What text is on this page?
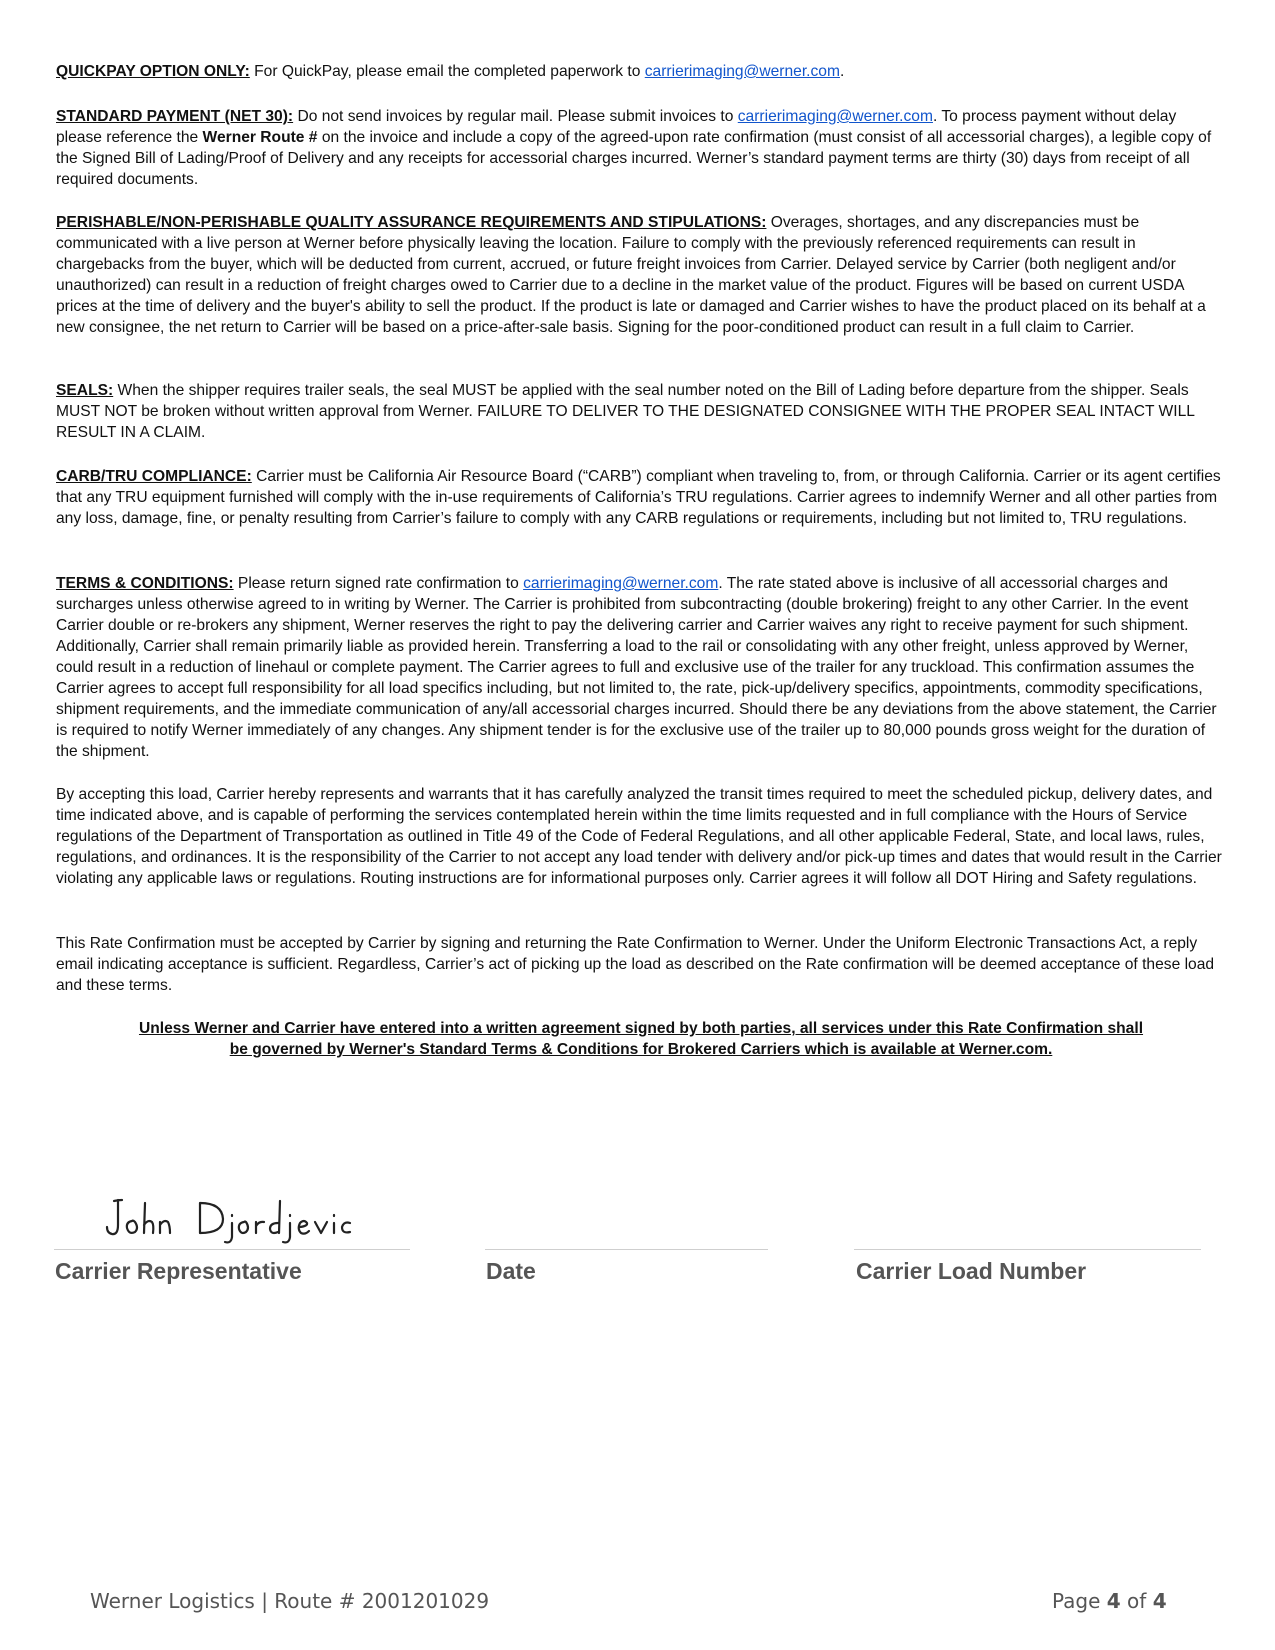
QUICKPAY OPTION ONLY: For QuickPay, please email the completed paperwork to carrierimaging@werner.com.

STANDARD PAYMENT (NET 30): Do not send invoices by regular mail. Please submit invoices to carrierimaging@werner.com. To process payment without delay please reference the Werner Route # on the invoice and include a copy of the agreed-upon rate confirmation (must consist of all accessorial charges), a legible copy of the Signed Bill of Lading/Proof of Delivery and any receipts for accessorial charges incurred. Werner’s standard payment terms are thirty (30) days from receipt of all required documents.

PERISHABLE/NON-PERISHABLE QUALITY ASSURANCE REQUIREMENTS AND STIPULATIONS: Overages, shortages, and any discrepancies must be communicated with a live person at Werner before physically leaving the location. Failure to comply with the previously referenced requirements can result in chargebacks from the buyer, which will be deducted from current, accrued, or future freight invoices from Carrier. Delayed service by Carrier (both negligent and/or unauthorized) can result in a reduction of freight charges owed to Carrier due to a decline in the market value of the product. Figures will be based on current USDA prices at the time of delivery and the buyer's ability to sell the product. If the product is late or damaged and Carrier wishes to have the product placed on its behalf at a new consignee, the net return to Carrier will be based on a price-after-sale basis. Signing for the poor-conditioned product can result in a full claim to Carrier.

SEALS: When the shipper requires trailer seals, the seal MUST be applied with the seal number noted on the Bill of Lading before departure from the shipper. Seals MUST NOT be broken without written approval from Werner. FAILURE TO DELIVER TO THE DESIGNATED CONSIGNEE WITH THE PROPER SEAL INTACT WILL RESULT IN A CLAIM.

CARB/TRU COMPLIANCE: Carrier must be California Air Resource Board (“CARB”) compliant when traveling to, from, or through California. Carrier or its agent certifies that any TRU equipment furnished will comply with the in-use requirements of California’s TRU regulations. Carrier agrees to indemnify Werner and all other parties from any loss, damage, fine, or penalty resulting from Carrier’s failure to comply with any CARB regulations or requirements, including but not limited to, TRU regulations.

TERMS & CONDITIONS: Please return signed rate confirmation to carrierimaging@werner.com. The rate stated above is inclusive of all accessorial charges and surcharges unless otherwise agreed to in writing by Werner. The Carrier is prohibited from subcontracting (double brokering) freight to any other Carrier. In the event Carrier double or re-brokers any shipment, Werner reserves the right to pay the delivering carrier and Carrier waives any right to receive payment for such shipment. Additionally, Carrier shall remain primarily liable as provided herein. Transferring a load to the rail or consolidating with any other freight, unless approved by Werner, could result in a reduction of linehaul or complete payment. The Carrier agrees to full and exclusive use of the trailer for any truckload. This confirmation assumes the Carrier agrees to accept full responsibility for all load specifics including, but not limited to, the rate, pick-up/delivery specifics, appointments, commodity specifications, shipment requirements, and the immediate communication of any/all accessorial charges incurred. Should there be any deviations from the above statement, the Carrier is required to notify Werner immediately of any changes. Any shipment tender is for the exclusive use of the trailer up to 80,000 pounds gross weight for the duration of the shipment.

By accepting this load, Carrier hereby represents and warrants that it has carefully analyzed the transit times required to meet the scheduled pickup, delivery dates, and time indicated above, and is capable of performing the services contemplated herein within the time limits requested and in full compliance with the Hours of Service regulations of the Department of Transportation as outlined in Title 49 of the Code of Federal Regulations, and all other applicable Federal, State, and local laws, rules, regulations, and ordinances. It is the responsibility of the Carrier to not accept any load tender with delivery and/or pick-up times and dates that would result in the Carrier violating any applicable laws or regulations. Routing instructions are for informational purposes only. Carrier agrees it will follow all DOT Hiring and Safety regulations.

This Rate Confirmation must be accepted by Carrier by signing and returning the Rate Confirmation to Werner. Under the Uniform Electronic Transactions Act, a reply email indicating acceptance is sufficient. Regardless, Carrier’s act of picking up the load as described on the Rate confirmation will be deemed acceptance of these load and these terms.

Unless Werner and Carrier have entered into a written agreement signed by both parties, all services under this Rate Confirmation shall
be governed by Werner's Standard Terms & Conditions for Brokered Carriers which is available at Werner.com.
Carrier Representative	Date	Carrier Load Number
Werner Logistics | Route # 2001201029	Page 4 of 4
